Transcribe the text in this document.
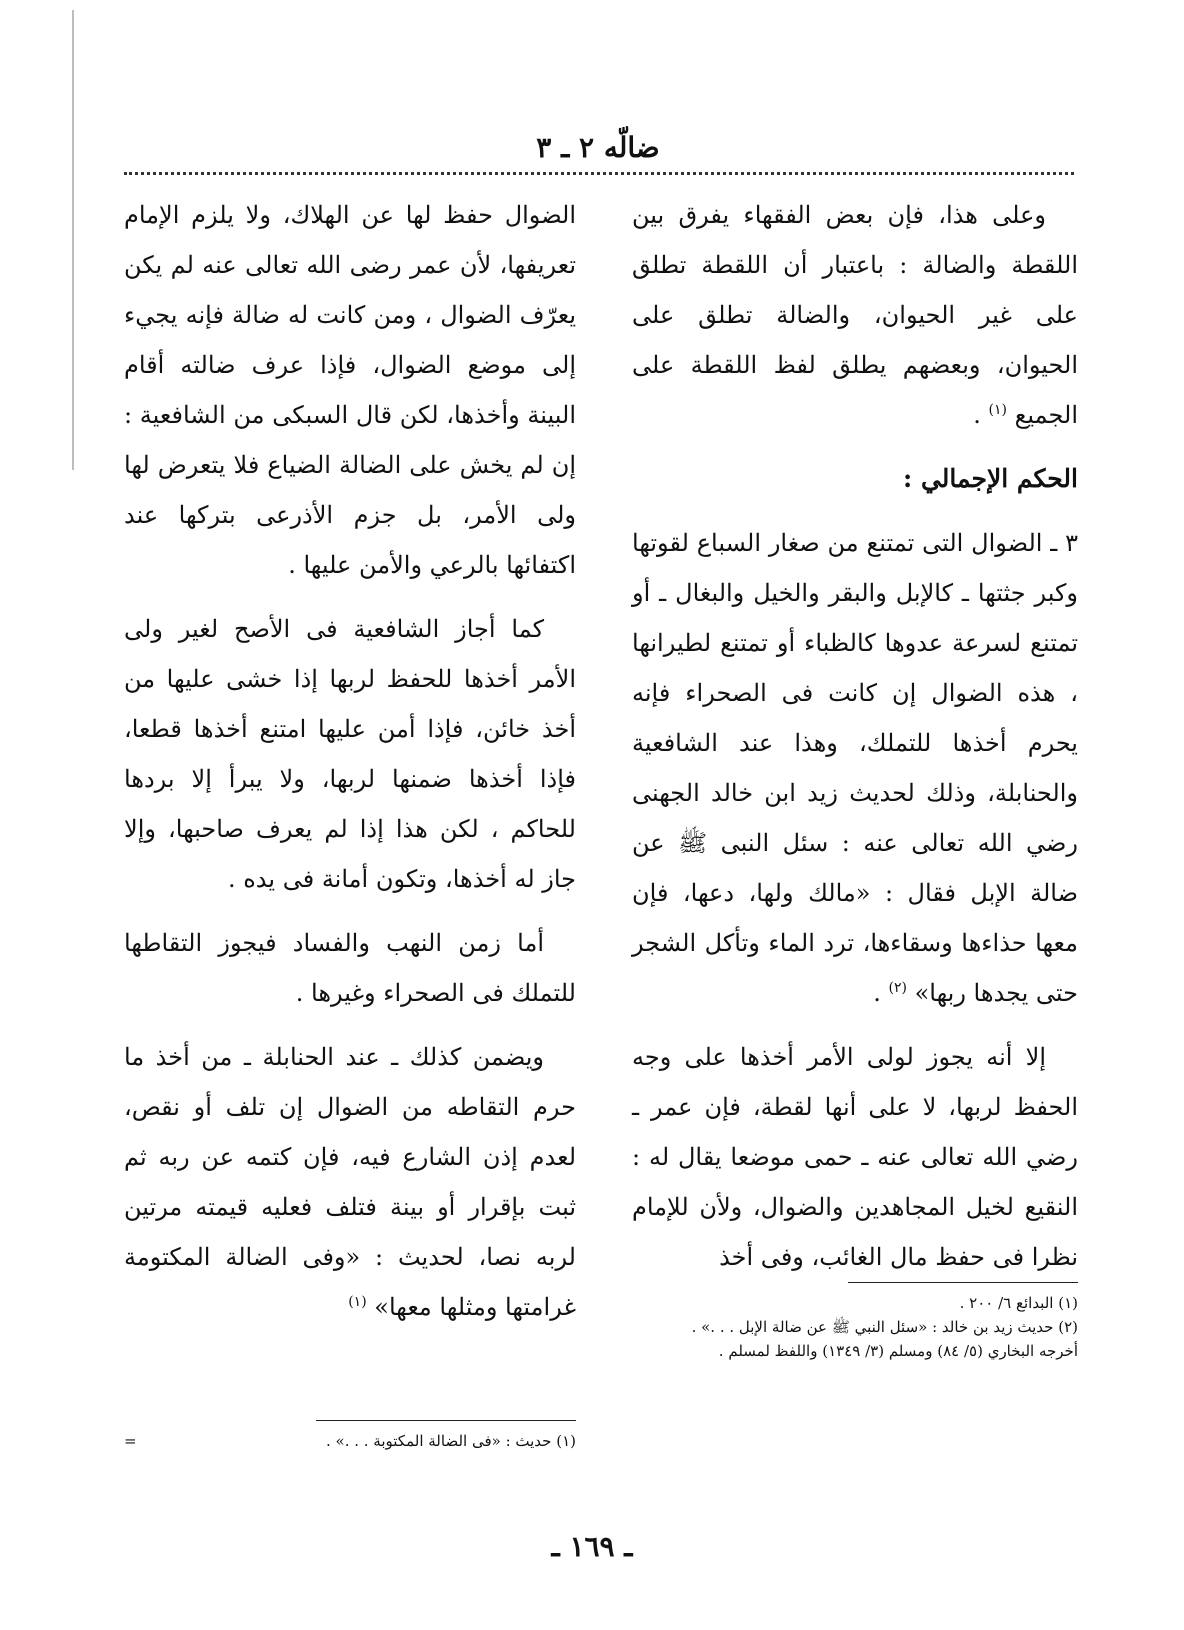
ضالّه ٢ ـ ٣

وعلى هذا، فإن بعض الفقهاء يفرق بين اللقطة والضالة : باعتبار أن اللقطة تطلق على غير الحيوان، والضالة تطلق على الحيوان، وبعضهم يطلق لفظ اللقطة على الجميع $^{(١)}$ .

الحكم الإجمالي :

٣ ـ الضوال التى تمتنع من صغار السباع لقوتها وكبر جثتها ـ كالإبل والبقر والخيل والبغال ـ أو تمتنع لسرعة عدوها كالظباء أو تمتنع لطيرانها ، هذه الضوال إن كانت فى الصحراء فإنه يحرم أخذها للتملك، وهذا عند الشافعية والحنابلة، وذلك لحديث زيد ابن خالد الجهنى رضي الله تعالى عنه : سئل النبى ﷺ عن ضالة الإبل فقال : «مالك ولها، دعها، فإن معها حذاءها وسقاءها، ترد الماء وتأكل الشجر حتى يجدها ربها» $^{(٢)}$ .

إلا أنه يجوز لولى الأمر أخذها على وجه الحفظ لربها، لا على أنها لقطة، فإن عمر ـ رضي الله تعالى عنه ـ حمى موضعا يقال له : النقيع لخيل المجاهدين والضوال، ولأن للإمام نظرا فى حفظ مال الغائب، وفى أخذ

الضوال حفظ لها عن الهلاك، ولا يلزم الإمام تعريفها، لأن عمر رضى الله تعالى عنه لم يكن يعرّف الضوال ، ومن كانت له ضالة فإنه يجيء إلى موضع الضوال، فإذا عرف ضالته أقام البينة وأخذها، لكن قال السبكى من الشافعية : إن لم يخش على الضالة الضياع فلا يتعرض لها ولى الأمر، بل جزم الأذرعى بتركها عند اكتفائها بالرعي والأمن عليها .

كما أجاز الشافعية فى الأصح لغير ولى الأمر أخذها للحفظ لربها إذا خشى عليها من أخذ خائن، فإذا أمن عليها امتنع أخذها قطعا، فإذا أخذها ضمنها لربها، ولا يبرأ إلا بردها للحاكم ، لكن هذا إذا لم يعرف صاحبها، وإلا جاز له أخذها، وتكون أمانة فى يده .

أما زمن النهب والفساد فيجوز التقاطها للتملك فى الصحراء وغيرها .

ويضمن كذلك ـ عند الحنابلة ـ من أخذ ما حرم التقاطه من الضوال إن تلف أو نقص، لعدم إذن الشارع فيه، فإن كتمه عن ربه ثم ثبت بإقرار أو بينة فتلف فعليه قيمته مرتين لربه نصا، لحديث : «وفى الضالة المكتومة غرامتها ومثلها معها» $^{(١)}$	(١) البدائع ٦/ ٢٠٠ .

(٢) حديث زيد بن خالد : «سئل النبي ﷺ عن ضالة الإبل . . .» .

أخرجه البخاري (٥/ ٨٤) ومسلم (٣/ ١٣٤٩) واللفظ لمسلم .

(١) حديث : «فى الضالة المكتوبة . . .» .
=
ـ ١٦٩ ـ
